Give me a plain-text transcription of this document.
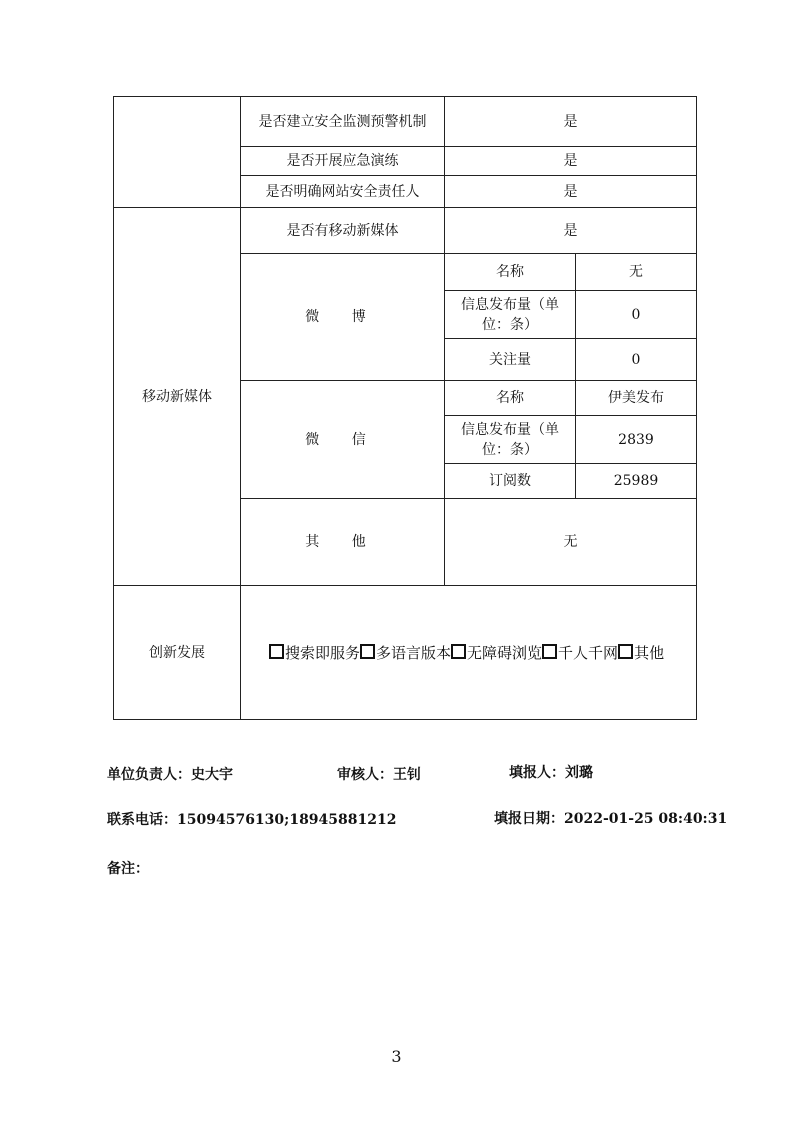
	是否建立安全监测预警机制	是	
	是否开展应急演练	是	
	是否明确网站安全责任人	是	
移动新媒体	是否有移动新媒体	是	
	微 博	名称	无
		信息发布量（单位：条）	0
		关注量	0
	微 信	名称	伊美发布
		信息发布量（单位：条）	2839
		订阅数	25989
	其 他	无	
创新发展	搜索即服务 多语言版本 无障碍浏览 千人千网 其他		
单位负责人：史大宇	审核人：王钊	填报人：刘璐
联系电话：15094576130;18945881212	填报日期：2022-01-25 08:40:31
备注：
3
